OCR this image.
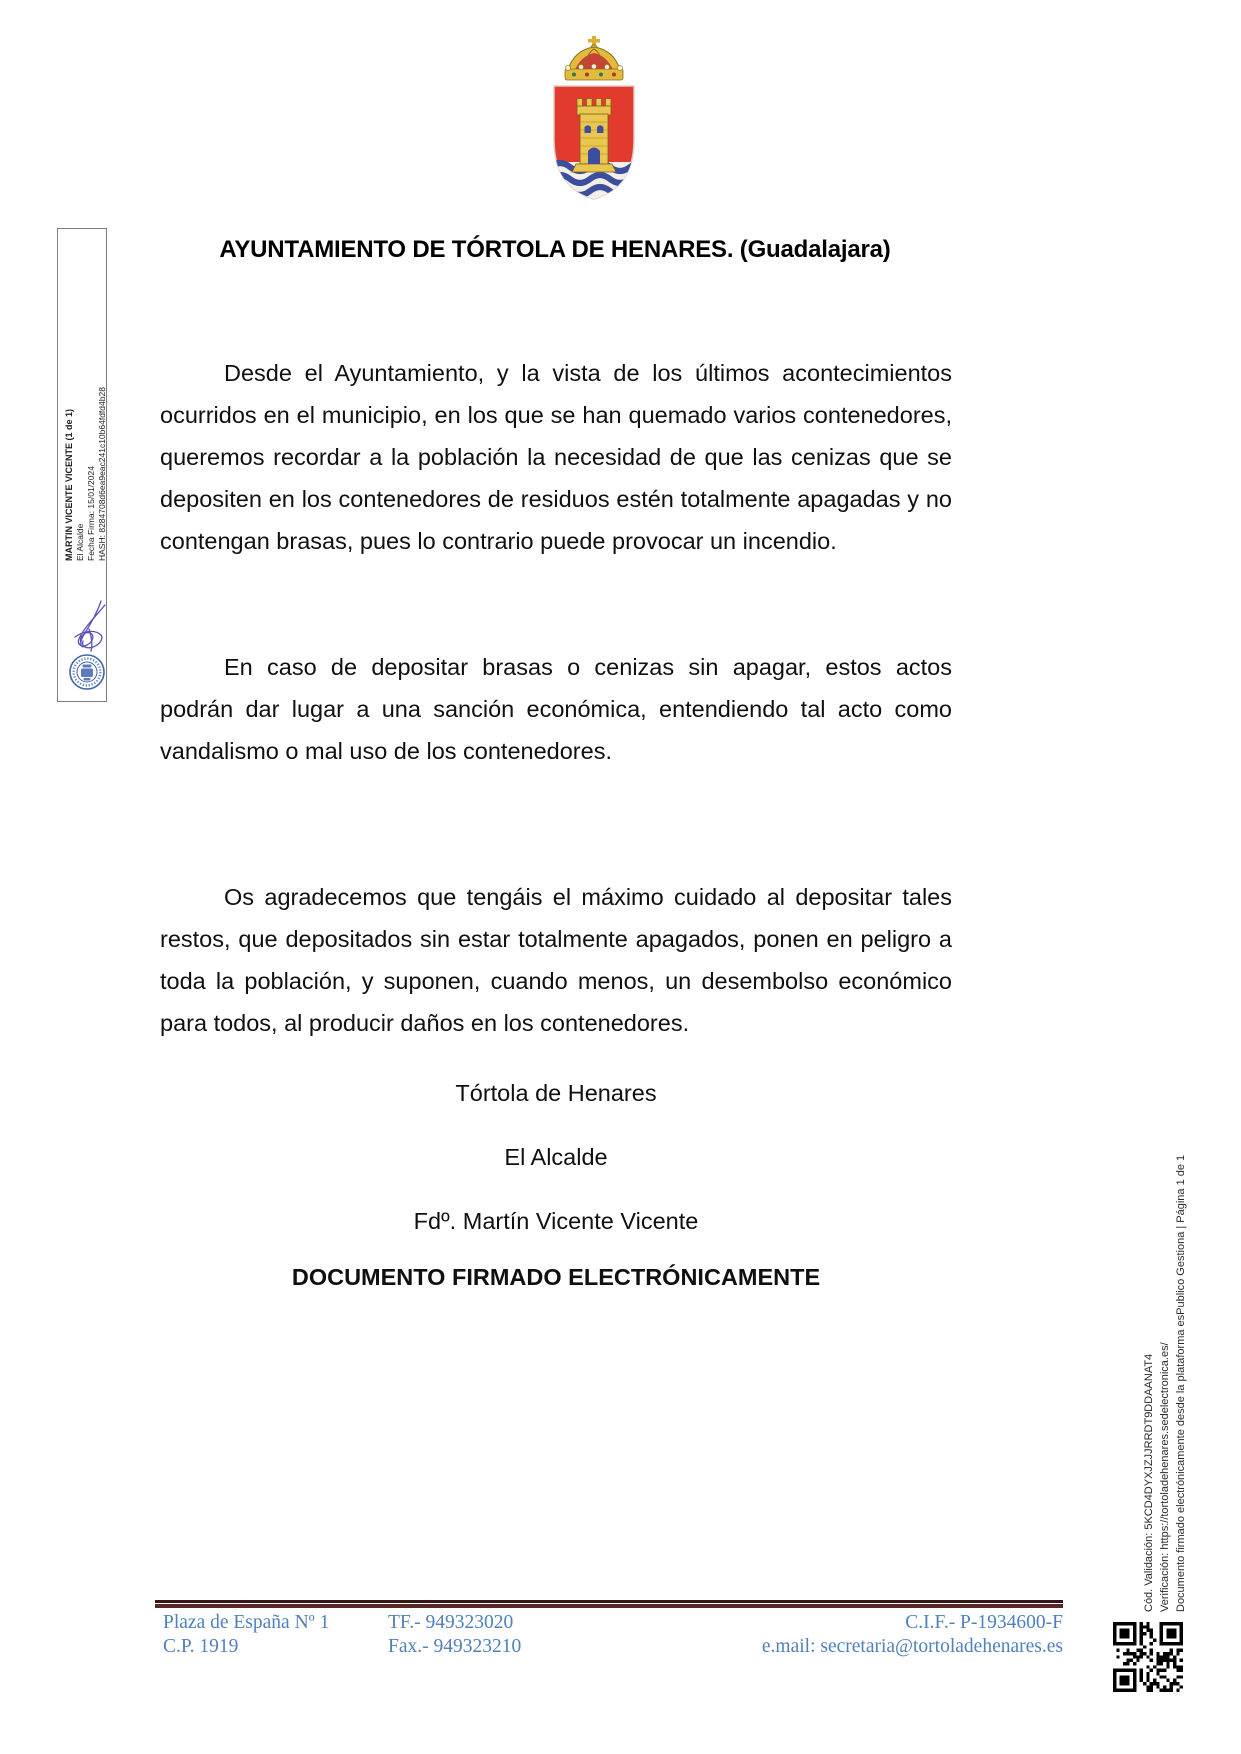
AYUNTAMIENTO DE TÓRTOLA DE HENARES. (Guadalajara)
MARTIN VICENTE VICENTE (1 de 1) El Alcalde Fecha Firma: 15/01/2024 HASH: 8284708d6ea9eac241c10b64fdfd4b28

Desde el Ayuntamiento, y la vista de los últimos acontecimientos ocurridos en el municipio, en los que se han quemado varios contenedores, queremos recordar a la población la necesidad de que las cenizas que se depositen en los contenedores de residuos estén totalmente apagadas y no contengan brasas, pues lo contrario puede provocar un incendio.

En caso de depositar brasas o cenizas sin apagar, estos actos podrán dar lugar a una sanción económica, entendiendo tal acto como vandalismo o mal uso de los contenedores.

Os agradecemos que tengáis el máximo cuidado al depositar tales restos, que depositados sin estar totalmente apagados, ponen en peligro a toda la población, y suponen, cuando menos, un desembolso económico para todos, al producir daños en los contenedores.

Tórtola de Henares
El Alcalde
Fdº. Martín Vicente Vicente
DOCUMENTO FIRMADO ELECTRÓNICAMENTE
Cód. Validación: 5KCD4DYXJZJJRRDT9DDAANAT4 Verificación: https://tortoladehenares.sedelectronica.es/ Documento firmado electrónicamente desde la plataforma esPublico Gestiona | Página 1 de 1
Plaza de España Nº 1
C.P. 1919
TF.- 949323020
Fax.- 949323210
C.I.F.- P-1934600-F
e.mail: secretaria@tortoladehenares.es
